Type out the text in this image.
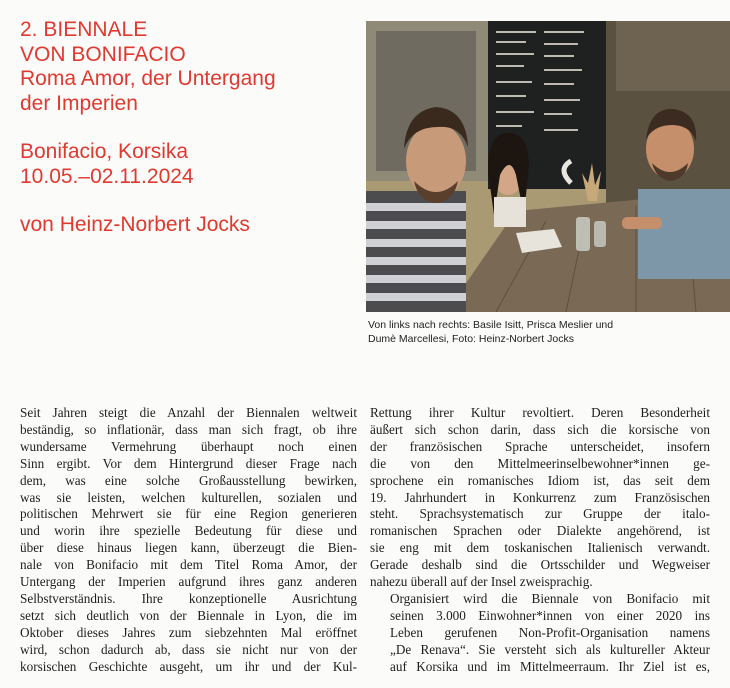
2. BIENNALE
VON BONIFACIO
Roma Amor, der Untergang
der Imperien
Bonifacio, Korsika
10.05.–02.11.2024
von Heinz-Norbert Jocks
Von links nach rechts: Basile Isitt, Prisca Meslier und
Dumè Marcellesi, Foto: Heinz-Norbert Jocks

Seit Jahren steigt die Anzahl der Biennalen weltweit
beständig, so inflationär, dass man sich fragt, ob ihre
wundersame Vermehrung überhaupt noch einen
Sinn ergibt. Vor dem Hintergrund dieser Frage nach
dem, was eine solche Großausstellung bewirken,
was sie leisten, welchen kulturellen, sozialen und
politischen Mehrwert sie für eine Region generieren
und worin ihre spezielle Bedeutung für diese und
über diese hinaus liegen kann, überzeugt die Bien-
nale von Bonifacio mit dem Titel Roma Amor, der
Untergang der Imperien aufgrund ihres ganz anderen
Selbstverständnis. Ihre konzeptionelle Ausrichtung
setzt sich deutlich von der Biennale in Lyon, die im
Oktober dieses Jahres zum siebzehnten Mal eröffnet
wird, schon dadurch ab, dass sie nicht nur von der
korsischen Geschichte ausgeht, um ihr und der Kul-

Rettung ihrer Kultur revoltiert. Deren Besonderheit
äußert sich schon darin, dass sich die korsische von
der französischen Sprache unterscheidet, insofern
die von den Mittelmeerinselbewohner*innen ge-
sprochene ein romanisches Idiom ist, das seit dem
19. Jahrhundert in Konkurrenz zum Französischen
steht. Sprachsystematisch zur Gruppe der italo-
romanischen Sprachen oder Dialekte angehörend, ist
sie eng mit dem toskanischen Italienisch verwandt.
Gerade deshalb sind die Ortsschilder und Wegweiser
nahezu überall auf der Insel zweisprachig.

Organisiert wird die Biennale von Bonifacio mit
seinen 3.000 Einwohner*innen von einer 2020 ins
Leben gerufenen Non-Profit-Organisation namens
„De Renava“. Sie versteht sich als kultureller Akteur
auf Korsika und im Mittelmeerraum. Ihr Ziel ist es,
